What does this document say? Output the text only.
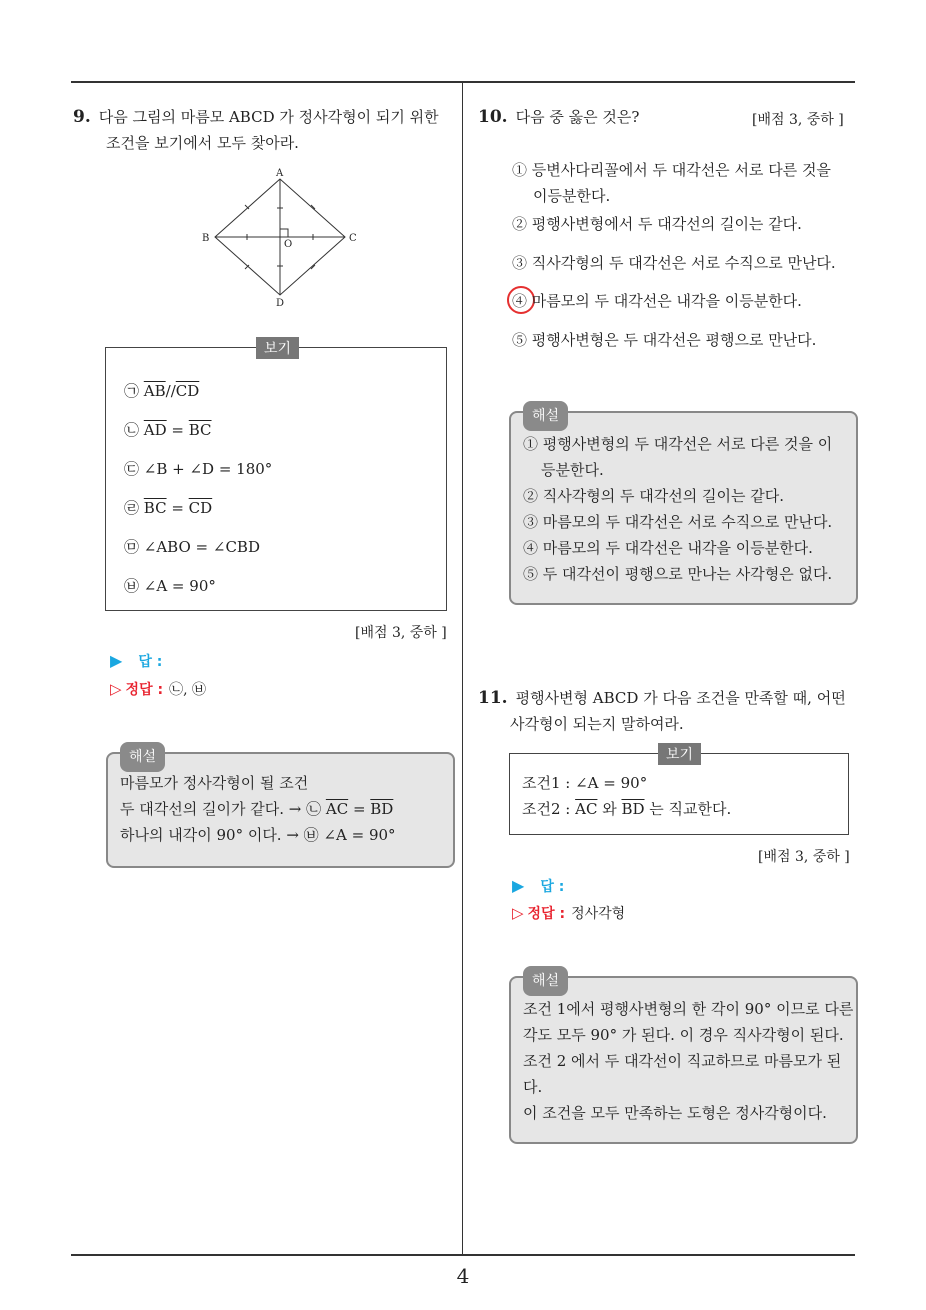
9. 다음 그림의 마름모 ABCD 가 정사각형이 되기 위한
조건을 보기에서 모두 찾아라.
A
B	C
D
O
보기
㉠ $\overline{AB}//\overline{CD}$
㉡ $\overline{AD} = \overline{BC}$
㉢ ∠B + ∠D = 180°
㉣ $\overline{BC} = \overline{CD}$
㉤ ∠ABO = ∠CBD
㉥ ∠A = 90°
[배점 3, 중하 ]
▶ 답 :
▷ 정답 : ㉡, ㉥
해설
마름모가 정사각형이 될 조건
두 대각선의 길이가 같다. → ㉡ $\overline{AC} = \overline{BD}$
하나의 내각이 90° 이다. → ㉥ ∠A = 90°
10. 다음 중 옳은 것은?	[배점 3, 중하 ]
① 등변사다리꼴에서 두 대각선은 서로 다른 것을
이등분한다.
② 평행사변형에서 두 대각선의 길이는 같다.
③ 직사각형의 두 대각선은 서로 수직으로 만난다.
④ 마름모의 두 대각선은 내각을 이등분한다.
⑤ 평행사변형은 두 대각선은 평행으로 만난다.
해설
① 평행사변형의 두 대각선은 서로 다른 것을 이
등분한다.
② 직사각형의 두 대각선의 길이는 같다.
③ 마름모의 두 대각선은 서로 수직으로 만난다.
④ 마름모의 두 대각선은 내각을 이등분한다.
⑤ 두 대각선이 평행으로 만나는 사각형은 없다.
11. 평행사변형 ABCD 가 다음 조건을 만족할 때, 어떤
사각형이 되는지 말하여라.
보기
조건1 : ∠A = 90°
조건2 : $\overline{AC}$ 와 $\overline{BD}$ 는 직교한다.
[배점 3, 중하 ]
▶ 답 :
▷ 정답 : 정사각형
해설
조건 1에서 평행사변형의 한 각이 90° 이므로 다른
각도 모두 90° 가 된다. 이 경우 직사각형이 된다.
조건 2 에서 두 대각선이 직교하므로 마름모가 된
다.
이 조건을 모두 만족하는 도형은 정사각형이다.
4
